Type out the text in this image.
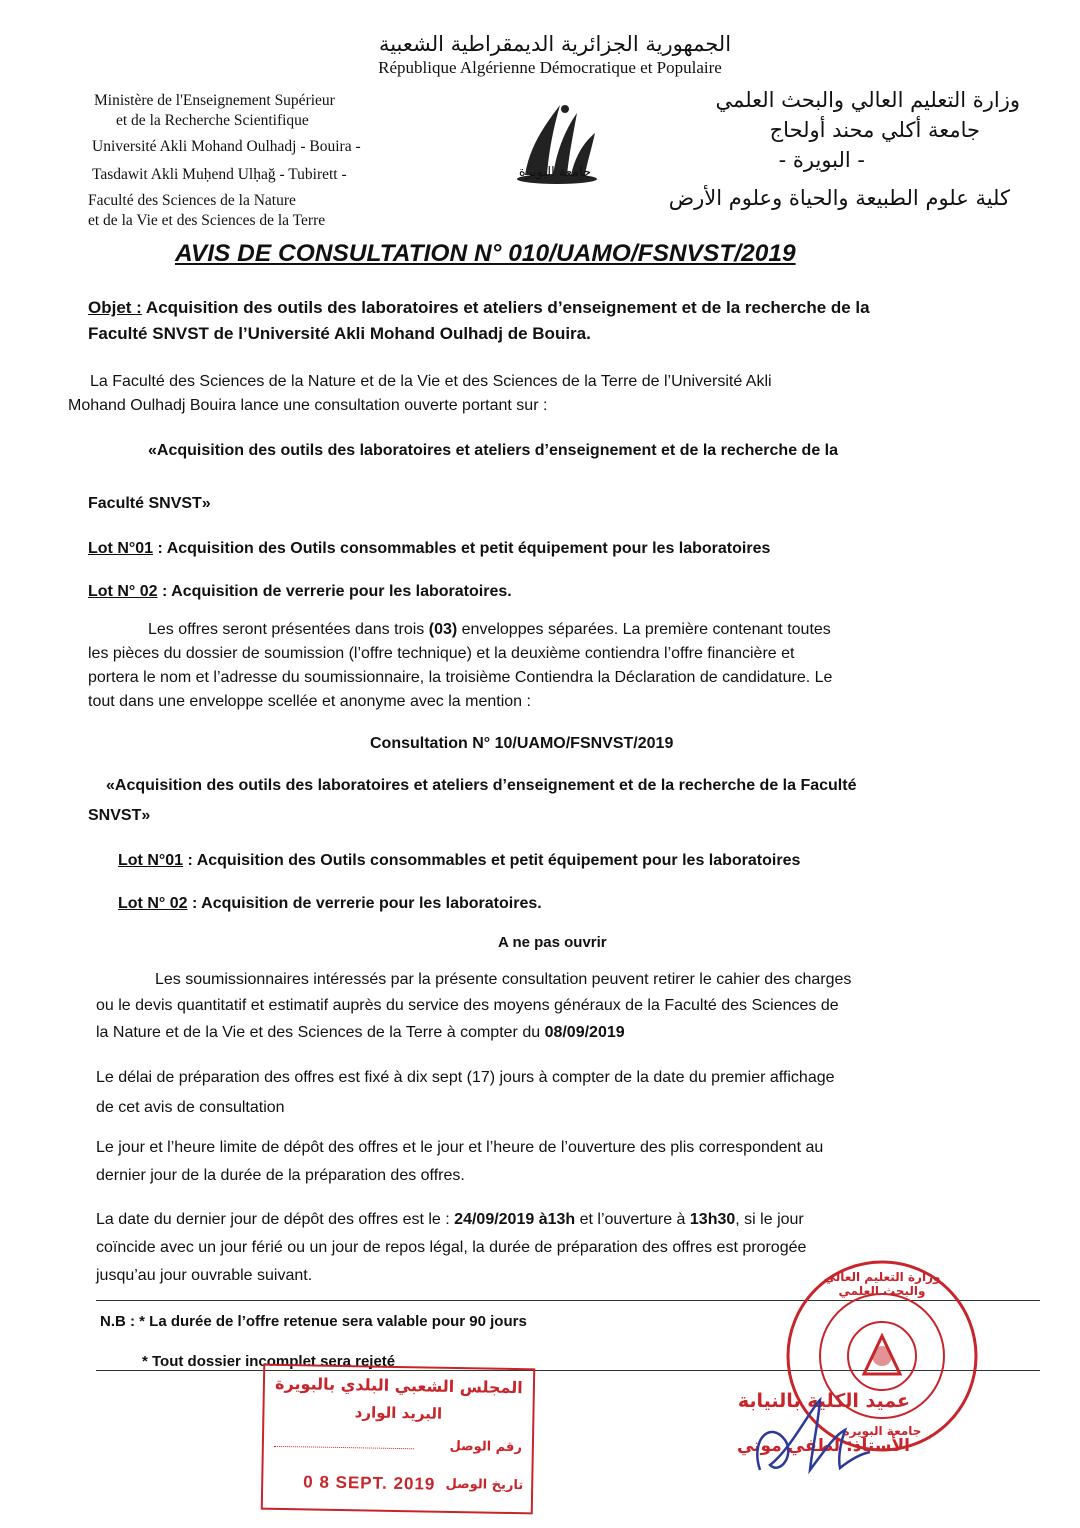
الجمهورية الجزائرية الديمقراطية الشعبية
République Algérienne Démocratique et Populaire
Ministère de l'Enseignement Supérieur
et de la Recherche Scientifique
Université Akli Mohand Oulhadj - Bouira -
Tasdawit Akli Muḥend Ulḥağ - Tubirett -
Faculté des Sciences de la Nature
et de la Vie et des Sciences de la Terre
جامعة البويرة
وزارة التعليم العالي والبحث العلمي
جامعة أكلي محند أولحاج
- البويرة -
كلية علوم الطبيعة والحياة وعلوم الأرض
AVIS DE CONSULTATION N° 010/UAMO/FSNVST/2019
Objet : Acquisition des outils des laboratoires et ateliers d’enseignement et de la recherche de la
Faculté SNVST de l’Université Akli Mohand Oulhadj de Bouira.
La Faculté des Sciences de la Nature et de la Vie et des Sciences de la Terre de l’Université Akli
Mohand Oulhadj Bouira lance une consultation ouverte portant sur :
«Acquisition des outils des laboratoires et ateliers d’enseignement et de la recherche de la
Faculté SNVST»
Lot N°01 : Acquisition des Outils consommables et petit équipement pour les laboratoires
Lot N° 02 : Acquisition de verrerie pour les laboratoires.
Les offres seront présentées dans trois (03) enveloppes séparées. La première contenant toutes
les pièces du dossier de soumission (l’offre technique) et la deuxième contiendra l’offre financière et
portera le nom et l’adresse du soumissionnaire, la troisième Contiendra la Déclaration de candidature. Le
tout dans une enveloppe scellée et anonyme avec la mention :
Consultation N° 10/UAMO/FSNVST/2019
«Acquisition des outils des laboratoires et ateliers d’enseignement et de la recherche de la Faculté
SNVST»
Lot N°01 : Acquisition des Outils consommables et petit équipement pour les laboratoires
Lot N° 02 : Acquisition de verrerie pour les laboratoires.
A ne pas ouvrir
Les soumissionnaires intéressés par la présente consultation peuvent retirer le cahier des charges
ou le devis quantitatif et estimatif auprès du service des moyens généraux de la Faculté des Sciences de
la Nature et de la Vie et des Sciences de la Terre à compter du 08/09/2019
Le délai de préparation des offres est fixé à dix sept (17) jours à compter de la date du premier affichage
de cet avis de consultation
Le jour et l’heure limite de dépôt des offres et le jour et l’heure de l’ouverture des plis correspondent au
dernier jour de la durée de la préparation des offres.
La date du dernier jour de dépôt des offres est le : 24/09/2019 à13h et l’ouverture à 13h30, si le jour
coïncide avec un jour férié ou un jour de repos légal, la durée de préparation des offres est prorogée
jusqu’au jour ouvrable suivant.
N.B : * La durée de l’offre retenue sera valable pour 90 jours
* Tout dossier incomplet sera rejeté
المجلس الشعبي البلدي بالبويرة
البريد الوارد
رقم الوصل
0 8 SEPT. 2019 تاريخ الوصل
وزارة التعليم العالي والبحث العلمي
جامعة البويرة
عميد الكلية بالنيابة
الأستاذ: لطفي موتي
